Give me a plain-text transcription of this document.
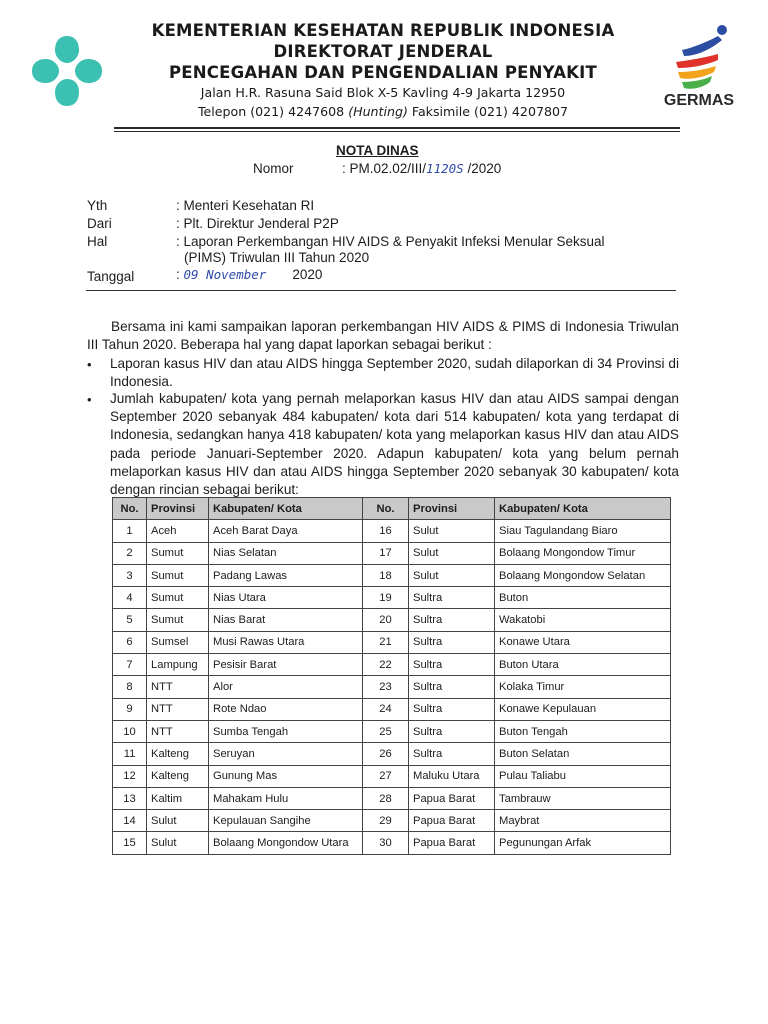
KEMENTERIAN KESEHATAN REPUBLIK INDONESIA
DIREKTORAT JENDERAL
PENCEGAHAN DAN PENGENDALIAN PENYAKIT
Jalan H.R. Rasuna Said Blok X-5 Kavling 4-9 Jakarta 12950
Telepon (021) 4247608 (Hunting) Faksimile (021) 4207807
GERMAS
NOTA DINAS
Nomor	: PM.02.02/III/1120S /2020
Yth	: Menteri Kesehatan RI
Dari	: Plt. Direktur Jenderal P2P
Hal	: Laporan Perkembangan HIV AIDS & Penyakit Infeksi Menular Seksual
(PIMS) Triwulan III Tahun 2020
Tanggal	: 09 November 2020
Bersama ini kami sampaikan laporan perkembangan HIV AIDS & PIMS di Indonesia Triwulan III Tahun 2020. Beberapa hal yang dapat laporkan sebagai berikut :
• Laporan kasus HIV dan atau AIDS hingga September 2020, sudah dilaporkan di 34 Provinsi di Indonesia.
• Jumlah kabupaten/ kota yang pernah melaporkan kasus HIV dan atau AIDS sampai dengan September 2020 sebanyak 484 kabupaten/ kota dari 514 kabupaten/ kota yang terdapat di Indonesia, sedangkan hanya 418 kabupaten/ kota yang melaporkan kasus HIV dan atau AIDS pada periode Januari-September 2020. Adapun kabupaten/ kota yang belum pernah melaporkan kasus HIV dan atau AIDS hingga September 2020 sebanyak 30 kabupaten/ kota dengan rincian sebagai berikut:
No.	Provinsi	Kabupaten/ Kota	No.	Provinsi	Kabupaten/ Kota
1	Aceh	Aceh Barat Daya	16	Sulut	Siau Tagulandang Biaro
2	Sumut	Nias Selatan	17	Sulut	Bolaang Mongondow Timur
3	Sumut	Padang Lawas	18	Sulut	Bolaang Mongondow Selatan
4	Sumut	Nias Utara	19	Sultra	Buton
5	Sumut	Nias Barat	20	Sultra	Wakatobi
6	Sumsel	Musi Rawas Utara	21	Sultra	Konawe Utara
7	Lampung	Pesisir Barat	22	Sultra	Buton Utara
8	NTT	Alor	23	Sultra	Kolaka Timur
9	NTT	Rote Ndao	24	Sultra	Konawe Kepulauan
10	NTT	Sumba Tengah	25	Sultra	Buton Tengah
11	Kalteng	Seruyan	26	Sultra	Buton Selatan
12	Kalteng	Gunung Mas	27	Maluku Utara	Pulau Taliabu
13	Kaltim	Mahakam Hulu	28	Papua Barat	Tambrauw
14	Sulut	Kepulauan Sangihe	29	Papua Barat	Maybrat
15	Sulut	Bolaang Mongondow Utara	30	Papua Barat	Pegunungan Arfak
